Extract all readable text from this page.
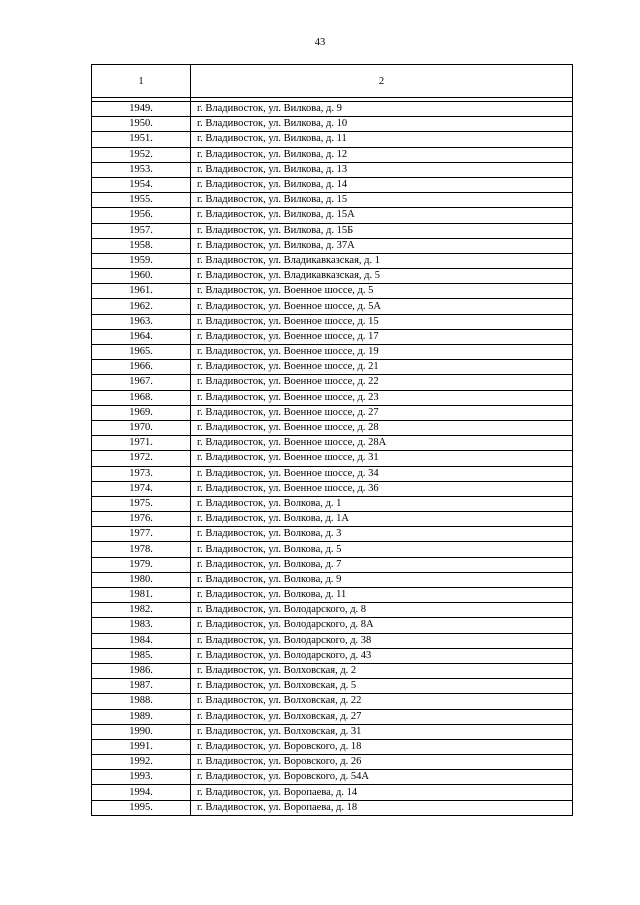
43
1	2

1949.	г. Владивосток, ул. Вилкова, д. 9
1950.	г. Владивосток, ул. Вилкова, д. 10
1951.	г. Владивосток, ул. Вилкова, д. 11
1952.	г. Владивосток, ул. Вилкова, д. 12
1953.	г. Владивосток, ул. Вилкова, д. 13
1954.	г. Владивосток, ул. Вилкова, д. 14
1955.	г. Владивосток, ул. Вилкова, д. 15
1956.	г. Владивосток, ул. Вилкова, д. 15А
1957.	г. Владивосток, ул. Вилкова, д. 15Б
1958.	г. Владивосток, ул. Вилкова, д. 37А
1959.	г. Владивосток, ул. Владикавказская, д. 1
1960.	г. Владивосток, ул. Владикавказская, д. 5
1961.	г. Владивосток, ул. Военное шоссе, д. 5
1962.	г. Владивосток, ул. Военное шоссе, д. 5А
1963.	г. Владивосток, ул. Военное шоссе, д. 15
1964.	г. Владивосток, ул. Военное шоссе, д. 17
1965.	г. Владивосток, ул. Военное шоссе, д. 19
1966.	г. Владивосток, ул. Военное шоссе, д. 21
1967.	г. Владивосток, ул. Военное шоссе, д. 22
1968.	г. Владивосток, ул. Военное шоссе, д. 23
1969.	г. Владивосток, ул. Военное шоссе, д. 27
1970.	г. Владивосток, ул. Военное шоссе, д. 28
1971.	г. Владивосток, ул. Военное шоссе, д. 28А
1972.	г. Владивосток, ул. Военное шоссе, д. 31
1973.	г. Владивосток, ул. Военное шоссе, д. 34
1974.	г. Владивосток, ул. Военное шоссе, д. 36
1975.	г. Владивосток, ул. Волкова, д. 1
1976.	г. Владивосток, ул. Волкова, д. 1А
1977.	г. Владивосток, ул. Волкова, д. 3
1978.	г. Владивосток, ул. Волкова, д. 5
1979.	г. Владивосток, ул. Волкова, д. 7
1980.	г. Владивосток, ул. Волкова, д. 9
1981.	г. Владивосток, ул. Волкова, д. 11
1982.	г. Владивосток, ул. Володарского, д. 8
1983.	г. Владивосток, ул. Володарского, д. 8А
1984.	г. Владивосток, ул. Володарского, д. 38
1985.	г. Владивосток, ул. Володарского, д. 43
1986.	г. Владивосток, ул. Волховская, д. 2
1987.	г. Владивосток, ул. Волховская, д. 5
1988.	г. Владивосток, ул. Волховская, д. 22
1989.	г. Владивосток, ул. Волховская, д. 27
1990.	г. Владивосток, ул. Волховская, д. 31
1991.	г. Владивосток, ул. Воровского, д. 18
1992.	г. Владивосток, ул. Воровского, д. 26
1993.	г. Владивосток, ул. Воровского, д. 54А
1994.	г. Владивосток, ул. Воропаева, д. 14
1995.	г. Владивосток, ул. Воропаева, д. 18
